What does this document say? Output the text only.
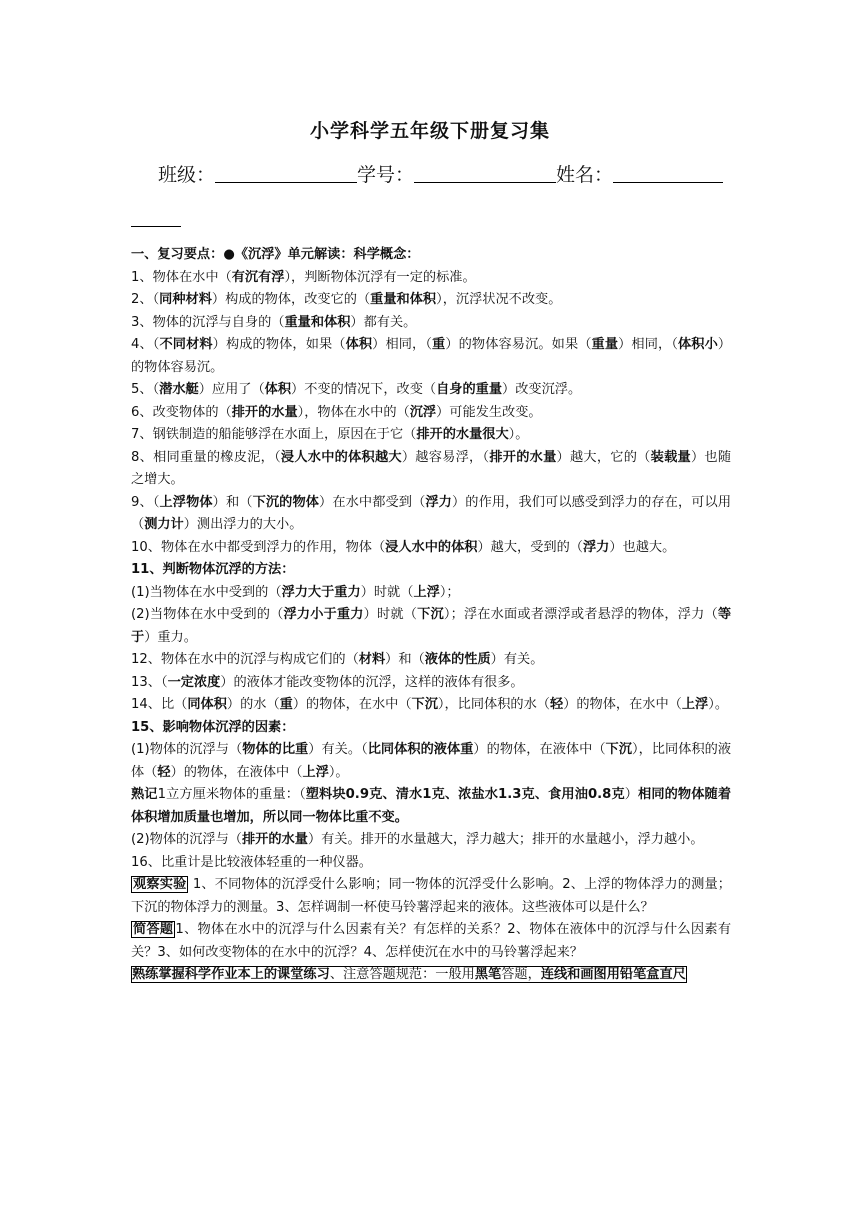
小学科学五年级下册复习集
班级：	学号：	姓名：

一、复习要点：●《沉浮》单元解读：科学概念：

1、物体在水中（有沉有浮），判断物体沉浮有一定的标准。

2、（同种材料）构成的物体，改变它的（重量和体积），沉浮状况不改变。

3、物体的沉浮与自身的（重量和体积）都有关。

4、（不同材料）构成的物体，如果（体积）相同，（重）的物体容易沉。如果（重量）相同，（体积小）的物体容易沉。

5、（潜水艇）应用了（体积）不变的情况下，改变（自身的重量）改变沉浮。

6、改变物体的（排开的水量），物体在水中的（沉浮）可能发生改变。

7、钢铁制造的船能够浮在水面上，原因在于它（排开的水量很大）。

8、相同重量的橡皮泥，（浸人水中的体积越大）越容易浮，（排开的水量）越大，它的（装载量）也随之增大。

9、（上浮物体）和（下沉的物体）在水中都受到（浮力）的作用，我们可以感受到浮力的存在，可以用（测力计）测出浮力的大小。

10、物体在水中都受到浮力的作用，物体（浸人水中的体积）越大，受到的（浮力）也越大。

11、判断物体沉浮的方法：

(1)当物体在水中受到的（浮力大于重力）时就（上浮）；

(2)当物体在水中受到的（浮力小于重力）时就（下沉）；浮在水面或者漂浮或者悬浮的物体，浮力（等于）重力。

12、物体在水中的沉浮与构成它们的（材料）和（液体的性质）有关。

13、（一定浓度）的液体才能改变物体的沉浮，这样的液体有很多。

14、比（同体积）的水（重）的物体，在水中（下沉），比同体积的水（轻）的物体，在水中（上浮）。

15、影响物体沉浮的因素：

(1)物体的沉浮与（物体的比重）有关。（比同体积的液体重）的物体，在液体中（下沉），比同体积的液体（轻）的物体，在液体中（上浮）。

熟记1立方厘米物体的重量：（塑料块0.9克、清水1克、浓盐水1.3克、食用油0.8克）相同的物体随着体积增加质量也增加，所以同一物体比重不变。

(2)物体的沉浮与（排开的水量）有关。排开的水量越大，浮力越大；排开的水量越小，浮力越小。

16、比重计是比较液体轻重的一种仪器。

观察实验 1、不同物体的沉浮受什么影响；同一物体的沉浮受什么影响。2、上浮的物体浮力的测量；下沉的物体浮力的测量。3、怎样调制一杯使马铃薯浮起来的液体。这些液体可以是什么？

简答题 1、物体在水中的沉浮与什么因素有关？有怎样的关系？2、物体在液体中的沉浮与什么因素有关？3、如何改变物体的在水中的沉浮？4、怎样使沉在水中的马铃薯浮起来？

熟练掌握科学作业本上的课堂练习、注意答题规范：一般用黑笔答题，连线和画图用铅笔盒直尺
